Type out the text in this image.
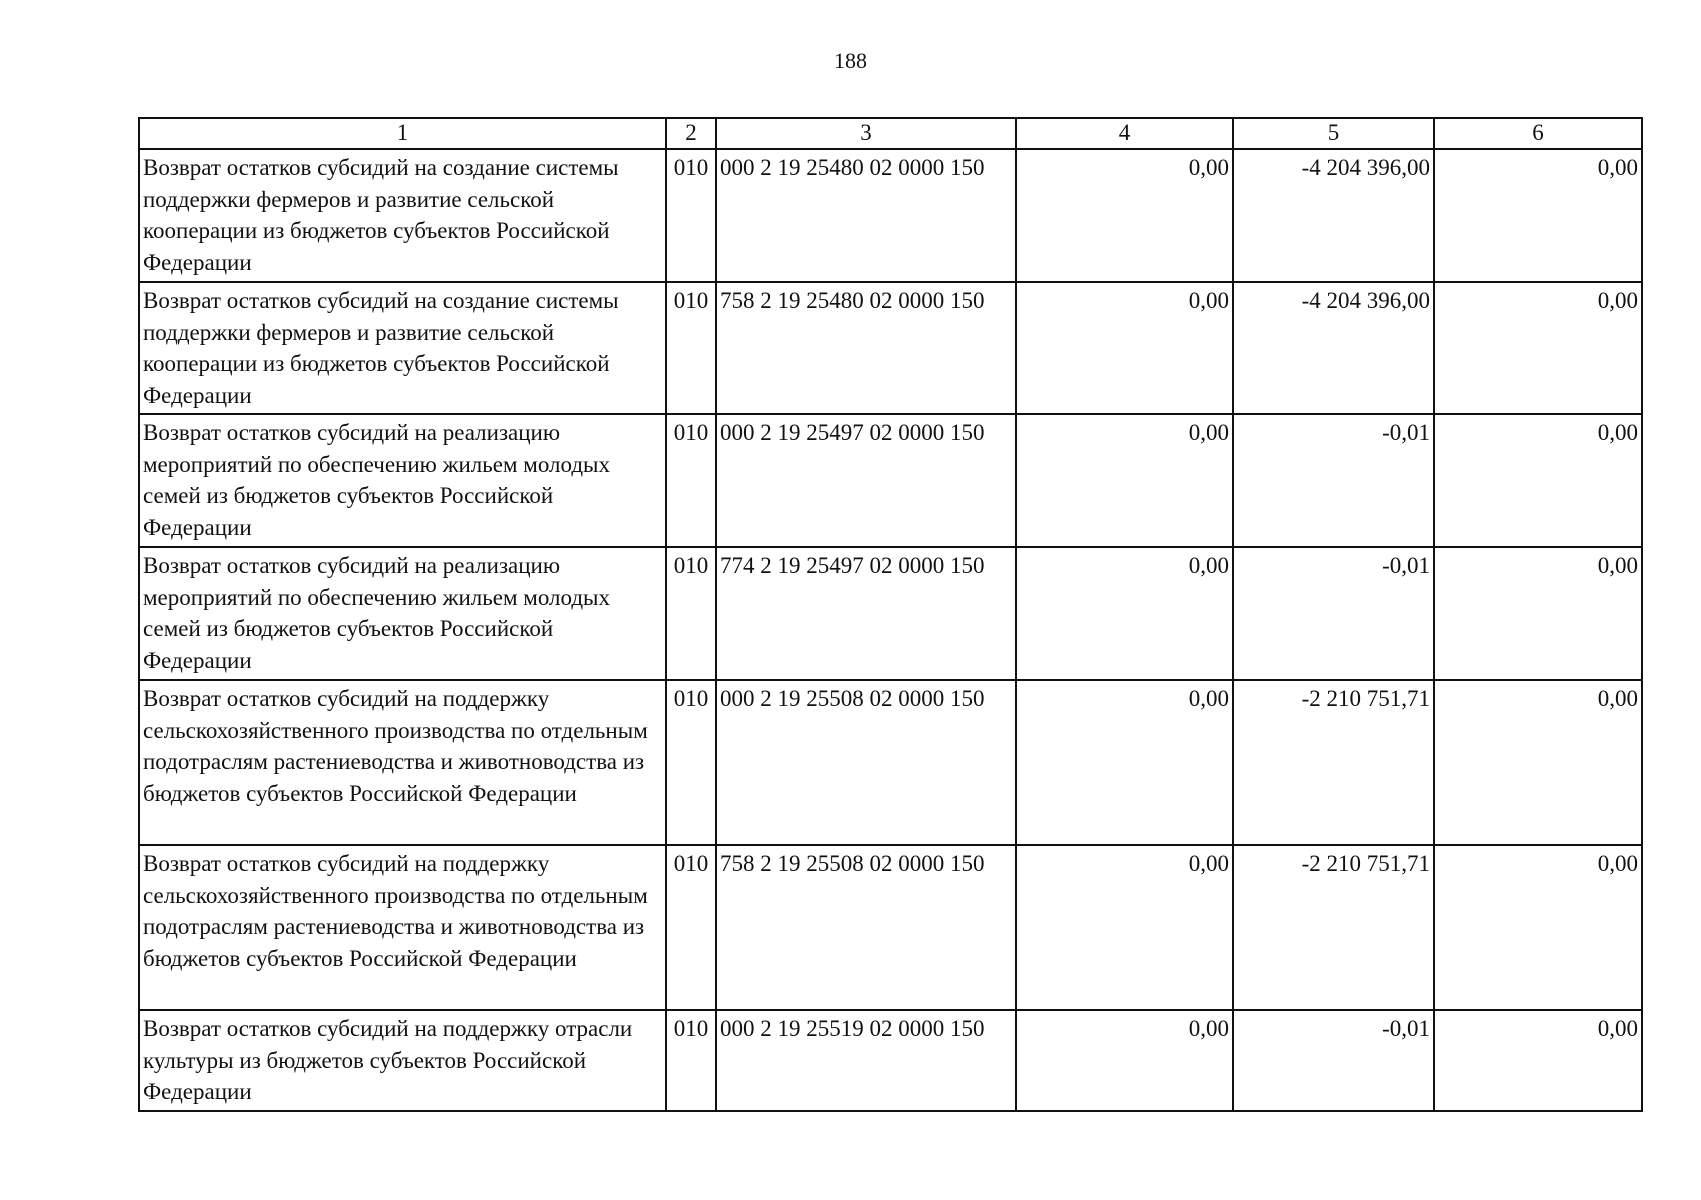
188
1	2	3	4	5	6
Возврат остатков субсидий на создание системы поддержки фермеров и развитие сельской кооперации из бюджетов субъектов Российской Федерации	010	000 2 19 25480 02 0000 150	0,00	-4 204 396,00	0,00
Возврат остатков субсидий на создание системы поддержки фермеров и развитие сельской кооперации из бюджетов субъектов Российской Федерации	010	758 2 19 25480 02 0000 150	0,00	-4 204 396,00	0,00
Возврат остатков субсидий на реализацию мероприятий по обеспечению жильем молодых семей из бюджетов субъектов Российской Федерации	010	000 2 19 25497 02 0000 150	0,00	-0,01	0,00
Возврат остатков субсидий на реализацию мероприятий по обеспечению жильем молодых семей из бюджетов субъектов Российской Федерации	010	774 2 19 25497 02 0000 150	0,00	-0,01	0,00
Возврат остатков субсидий на поддержку сельскохозяйственного производства по отдельным подотраслям растениеводства и животноводства из бюджетов субъектов Российской Федерации	010	000 2 19 25508 02 0000 150	0,00	-2 210 751,71	0,00
Возврат остатков субсидий на поддержку сельскохозяйственного производства по отдельным подотраслям растениеводства и животноводства из бюджетов субъектов Российской Федерации	010	758 2 19 25508 02 0000 150	0,00	-2 210 751,71	0,00
Возврат остатков субсидий на поддержку отрасли культуры из бюджетов субъектов Российской Федерации	010	000 2 19 25519 02 0000 150	0,00	-0,01	0,00
